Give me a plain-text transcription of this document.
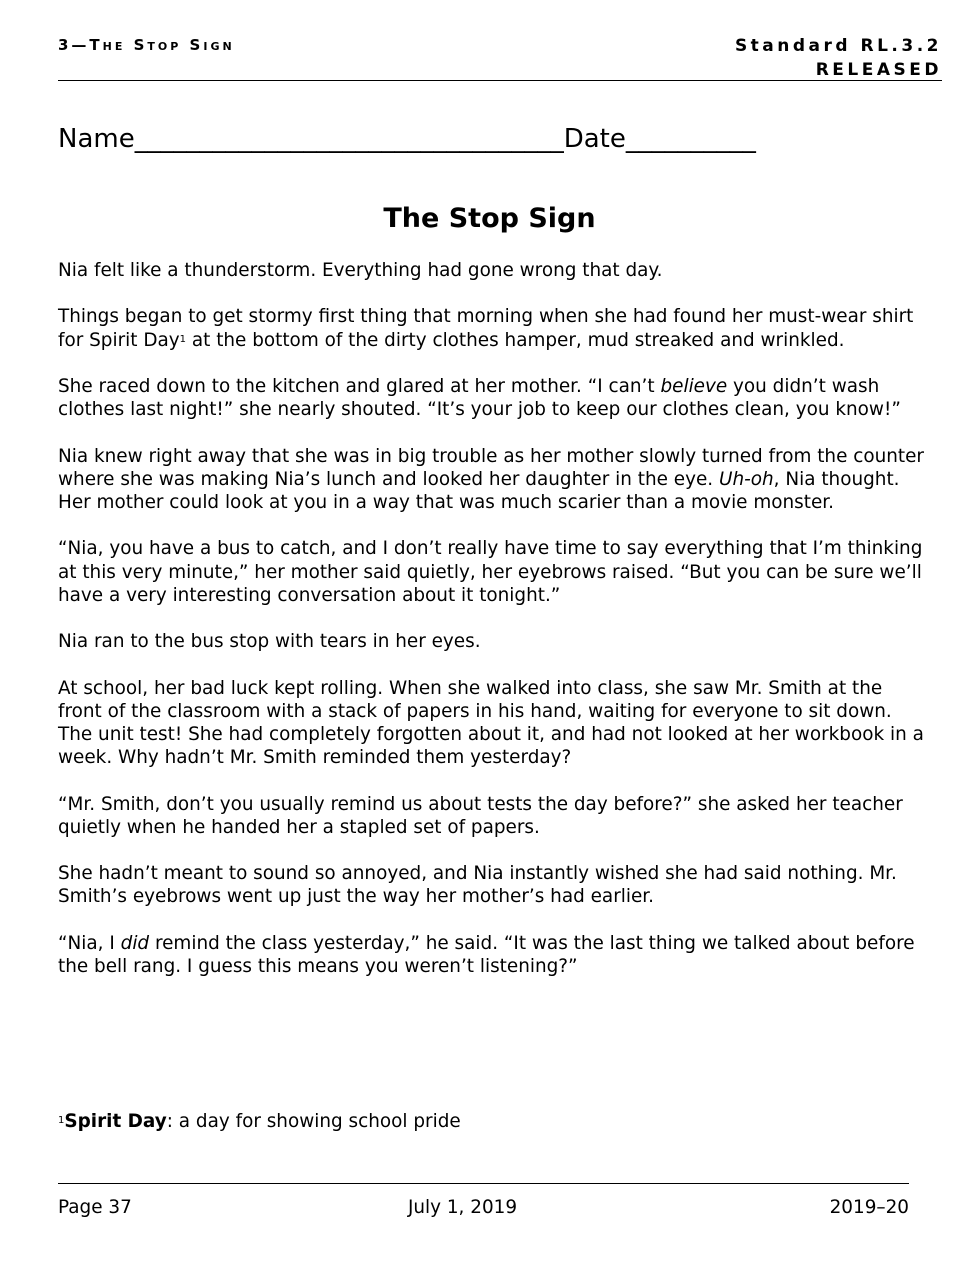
3—The Stop Sign	Standard RL.3.2
RELEASED
Name_________________________________Date__________
The Stop Sign

Nia felt like a thunderstorm. Everything had gone wrong that day.

Things began to get stormy first thing that morning when she had found her must-wear shirt for Spirit Day$^1$ at the bottom of the dirty clothes hamper, mud streaked and wrinkled.

She raced down to the kitchen and glared at her mother. “I can’t believe you didn’t wash clothes last night!” she nearly shouted. “It’s your job to keep our clothes clean, you know!”

Nia knew right away that she was in big trouble as her mother slowly turned from the counter where she was making Nia’s lunch and looked her daughter in the eye. Uh-oh, Nia thought. Her mother could look at you in a way that was much scarier than a movie monster.

“Nia, you have a bus to catch, and I don’t really have time to say everything that I’m thinking at this very minute,” her mother said quietly, her eyebrows raised. “But you can be sure we’ll have a very interesting conversation about it tonight.”

Nia ran to the bus stop with tears in her eyes.

At school, her bad luck kept rolling. When she walked into class, she saw Mr. Smith at the front of the classroom with a stack of papers in his hand, waiting for everyone to sit down. The unit test! She had completely forgotten about it, and had not looked at her workbook in a week. Why hadn’t Mr. Smith reminded them yesterday?

“Mr. Smith, don’t you usually remind us about tests the day before?” she asked her teacher quietly when he handed her a stapled set of papers.

She hadn’t meant to sound so annoyed, and Nia instantly wished she had said nothing. Mr. Smith’s eyebrows went up just the way her mother’s had earlier.

“Nia, I did remind the class yesterday,” he said. “It was the last thing we talked about before the bell rang. I guess this means you weren’t listening?”

$^1$Spirit Day: a day for showing school pride
Page 37	July 1, 2019	2019–20
